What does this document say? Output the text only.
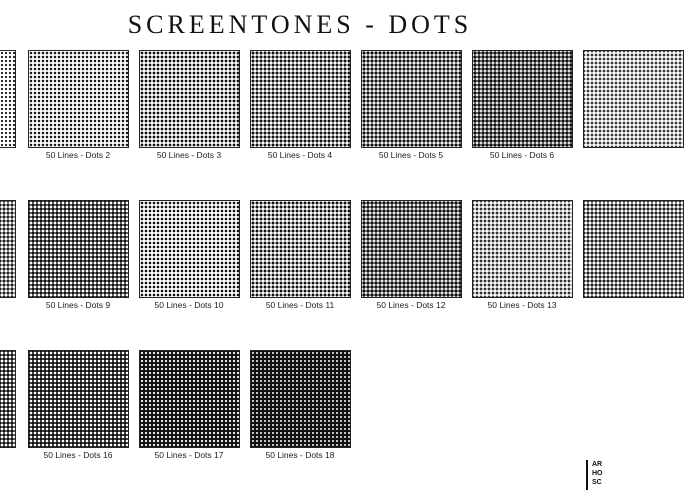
SCREENTONES - DOTS
50 Lines - Dots 2	50 Lines - Dots 3	50 Lines - Dots 4	50 Lines - Dots 5	50 Lines - Dots 6
50 Lines - Dots 9	50 Lines - Dots 10	50 Lines - Dots 11	50 Lines - Dots 12	50 Lines - Dots 13
50 Lines - Dots 16	50 Lines - Dots 17	50 Lines - Dots 18
AR
HO
SC
